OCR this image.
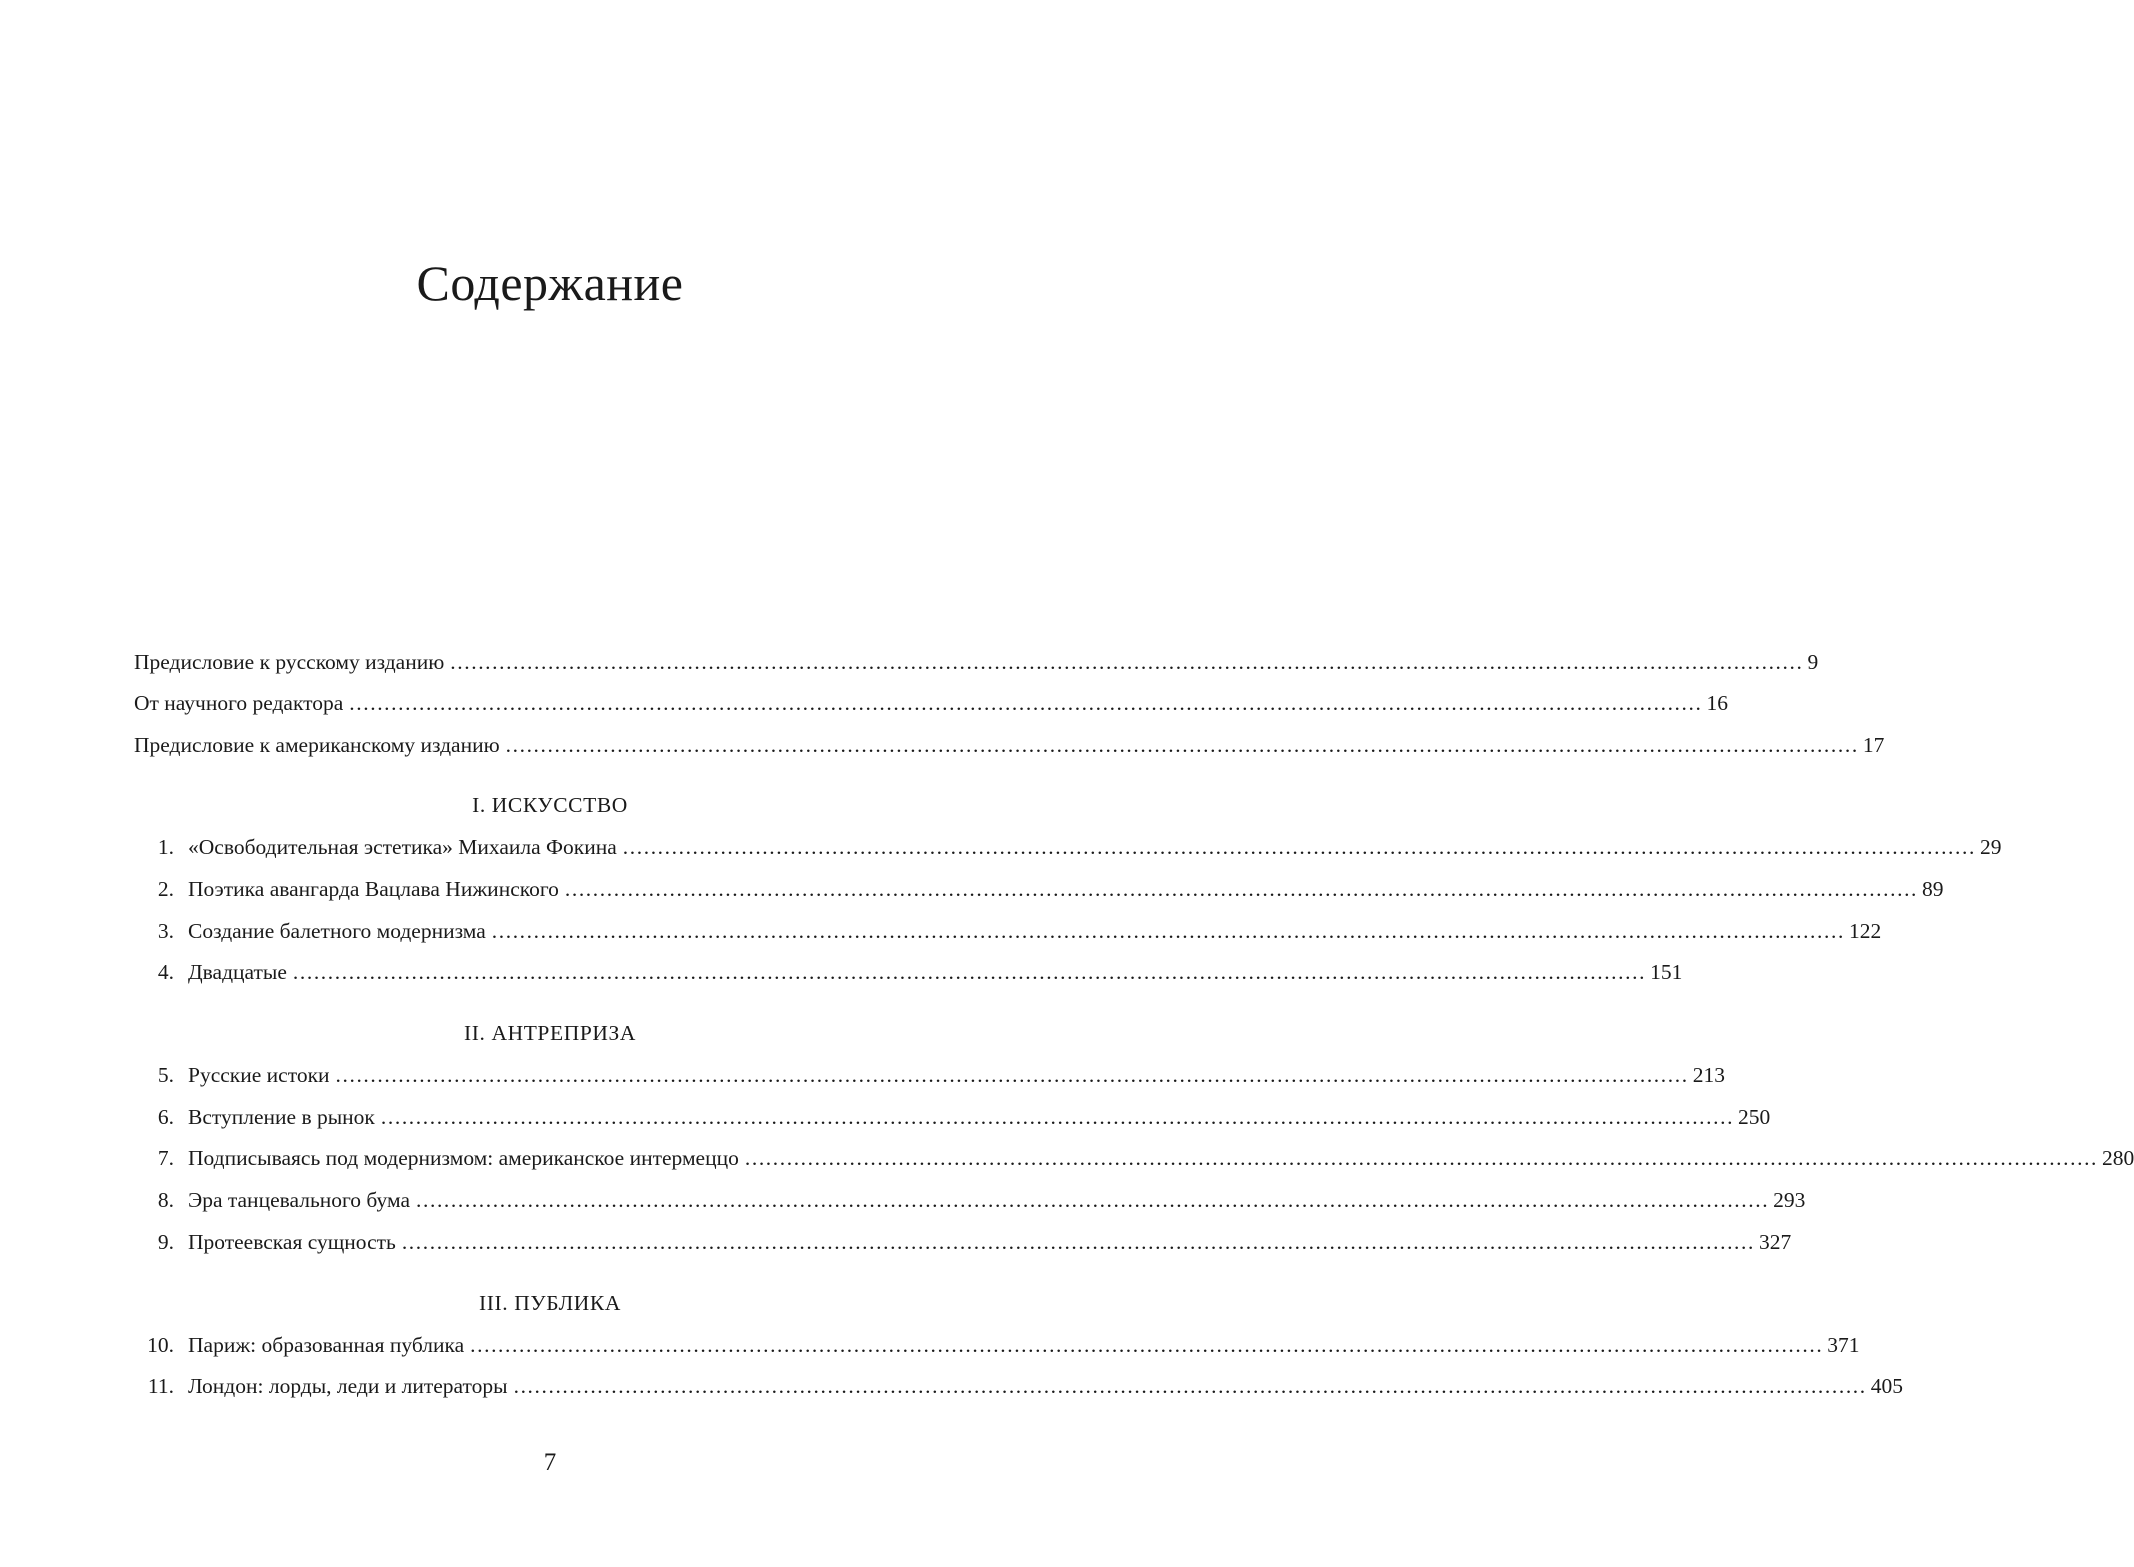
Содержание
Предисловие к русскому изданию .................................................................................................................................................................................................. 9
От научного редактора .................................................................................................................................................................................................. 16
Предисловие к американскому изданию .................................................................................................................................................................................................. 17
1. «Освободительная эстетика» Михаила Фокина .................................................................................................................................................................................................. 29
2. Поэтика авангарда Вацлава Нижинского .................................................................................................................................................................................................. 89
3. Создание балетного модернизма .................................................................................................................................................................................................. 122
4. Двадцатые .................................................................................................................................................................................................. 151
5. Русские истоки .................................................................................................................................................................................................. 213
6. Вступление в рынок .................................................................................................................................................................................................. 250
7. Подписываясь под модернизмом: американское интермеццо .................................................................................................................................................................................................. 280
8. Эра танцевального бума .................................................................................................................................................................................................. 293
9. Протеевская сущность .................................................................................................................................................................................................. 327
10. Париж: образованная публика .................................................................................................................................................................................................. 371
11. Лондон: лорды, леди и литераторы .................................................................................................................................................................................................. 405
I. ИСКУССТВО
II. АНТРЕПРИЗА
III. ПУБЛИКА
7
